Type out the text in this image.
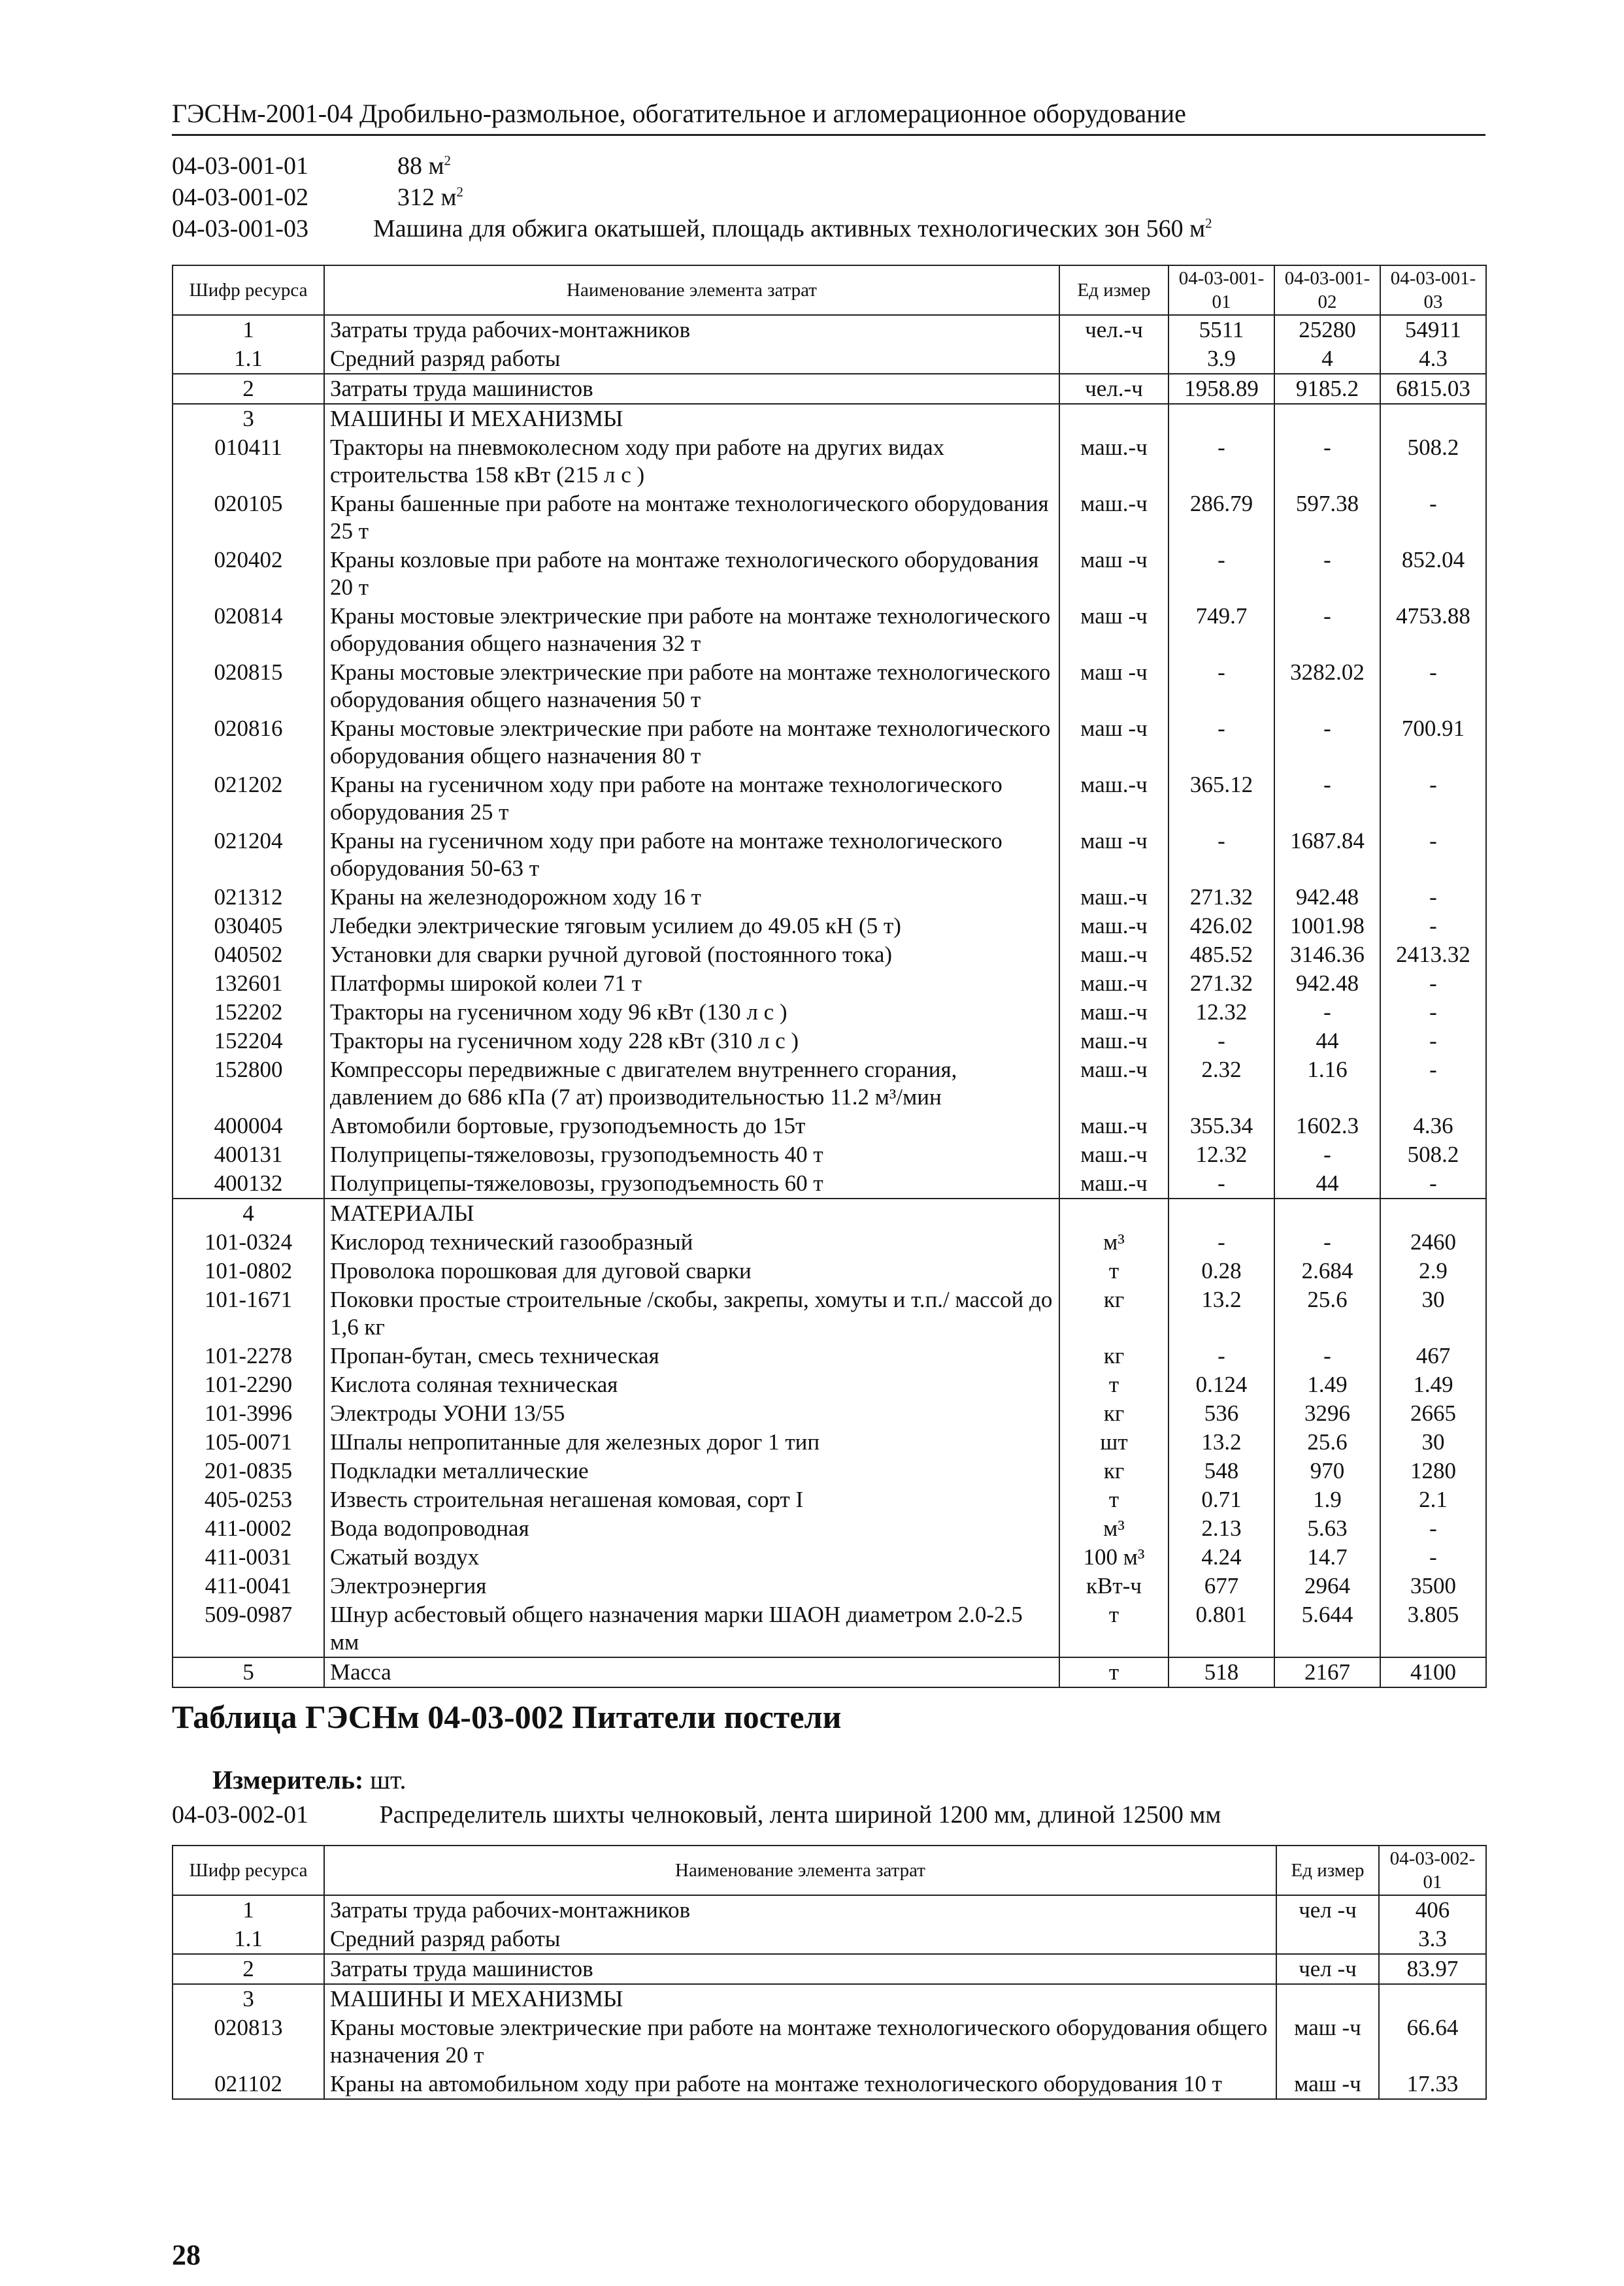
ГЭСНм-2001-04 Дробильно-размольное, обогатительное и агломерационное оборудование
04-03-001-01	88 $м^2$
04-03-001-02	312 $м^2$
04-03-001-03	Машина для обжига окатышей, площадь активных технологических зон 560 $м^2$
Шифр ресурса	Наименование элемента затрат	Ед измер	04-03-001-01	04-03-001-02	04-03-001-03
1	Затраты труда рабочих-монтажников	чел.-ч	5511	25280	54911
1.1	Средний разряд работы		3.9	4	4.3
2	Затраты труда машинистов	чел.-ч	1958.89	9185.2	6815.03
3	МАШИНЫ И МЕХАНИЗМЫ				
010411	Тракторы на пневмоколесном ходу при работе на других видах строительства 158 кВт (215 л с )	маш.-ч	-	-	508.2
020105	Краны башенные при работе на монтаже технологического оборудования 25 т	маш.-ч	286.79	597.38	-
020402	Краны козловые при работе на монтаже технологического оборудования 20 т	маш -ч	-	-	852.04
020814	Краны мостовые электрические при работе на монтаже технологического оборудования общего назначения 32 т	маш -ч	749.7	-	4753.88
020815	Краны мостовые электрические при работе на монтаже технологического оборудования общего назначения 50 т	маш -ч	-	3282.02	-
020816	Краны мостовые электрические при работе на монтаже технологического оборудования общего назначения 80 т	маш -ч	-	-	700.91
021202	Краны на гусеничном ходу при работе на монтаже технологического оборудования 25 т	маш.-ч	365.12	-	-
021204	Краны на гусеничном ходу при работе на монтаже технологического оборудования 50-63 т	маш -ч	-	1687.84	-
021312	Краны на железнодорожном ходу 16 т	маш.-ч	271.32	942.48	-
030405	Лебедки электрические тяговым усилием до 49.05 кН (5 т)	маш.-ч	426.02	1001.98	-
040502	Установки для сварки ручной дуговой (постоянного тока)	маш.-ч	485.52	3146.36	2413.32
132601	Платформы широкой колеи 71 т	маш.-ч	271.32	942.48	-
152202	Тракторы на гусеничном ходу 96 кВт (130 л с )	маш.-ч	12.32	-	-
152204	Тракторы на гусеничном ходу 228 кВт (310 л с )	маш.-ч	-	44	-
152800	Компрессоры передвижные с двигателем внутреннего сгорания, давлением до 686 кПа (7 ат) производительностью 11.2 м³/мин	маш.-ч	2.32	1.16	-
400004	Автомобили бортовые, грузоподъемность до 15т	маш.-ч	355.34	1602.3	4.36
400131	Полуприцепы-тяжеловозы, грузоподъемность 40 т	маш.-ч	12.32	-	508.2
400132	Полуприцепы-тяжеловозы, грузоподъемность 60 т	маш.-ч	-	44	-
4	МАТЕРИАЛЫ				
101-0324	Кислород технический газообразный	м³	-	-	2460
101-0802	Проволока порошковая для дуговой сварки	т	0.28	2.684	2.9
101-1671	Поковки простые строительные /скобы, закрепы, хомуты и т.п./ массой до 1,6 кг	кг	13.2	25.6	30
101-2278	Пропан-бутан, смесь техническая	кг	-	-	467
101-2290	Кислота соляная техническая	т	0.124	1.49	1.49
101-3996	Электроды УОНИ 13/55	кг	536	3296	2665
105-0071	Шпалы непропитанные для железных дорог 1 тип	шт	13.2	25.6	30
201-0835	Подкладки металлические	кг	548	970	1280
405-0253	Известь строительная негашеная комовая, сорт I	т	0.71	1.9	2.1
411-0002	Вода водопроводная	м³	2.13	5.63	-
411-0031	Сжатый воздух	100 м³	4.24	14.7	-
411-0041	Электроэнергия	кВт-ч	677	2964	3500
509-0987	Шнур асбестовый общего назначения марки ШАОН диаметром 2.0-2.5 мм	т	0.801	5.644	3.805
5	Масса	т	518	2167	4100
Таблица ГЭСНм 04-03-002 Питатели постели
Измеритель: шт.
04-03-002-01	Распределитель шихты челноковый, лента шириной 1200 мм, длиной 12500 мм
Шифр ресурса	Наименование элемента затрат	Ед измер	04-03-002-01
1	Затраты труда рабочих-монтажников	чел -ч	406
1.1	Средний разряд работы		3.3
2	Затраты труда машинистов	чел -ч	83.97
3	МАШИНЫ И МЕХАНИЗМЫ		
020813	Краны мостовые электрические при работе на монтаже технологического оборудования общего назначения 20 т	маш -ч	66.64
021102	Краны на автомобильном ходу при работе на монтаже технологического оборудования 10 т	маш -ч	17.33
28
